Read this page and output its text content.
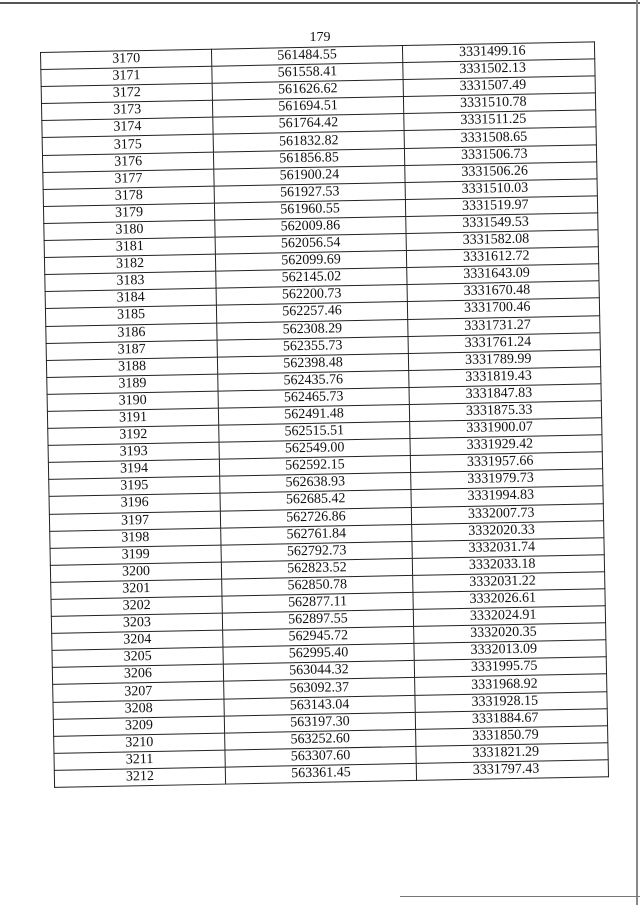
179
3170	561484.55	3331499.16
3171	561558.41	3331502.13
3172	561626.62	3331507.49
3173	561694.51	3331510.78
3174	561764.42	3331511.25
3175	561832.82	3331508.65
3176	561856.85	3331506.73
3177	561900.24	3331506.26
3178	561927.53	3331510.03
3179	561960.55	3331519.97
3180	562009.86	3331549.53
3181	562056.54	3331582.08
3182	562099.69	3331612.72
3183	562145.02	3331643.09
3184	562200.73	3331670.48
3185	562257.46	3331700.46
3186	562308.29	3331731.27
3187	562355.73	3331761.24
3188	562398.48	3331789.99
3189	562435.76	3331819.43
3190	562465.73	3331847.83
3191	562491.48	3331875.33
3192	562515.51	3331900.07
3193	562549.00	3331929.42
3194	562592.15	3331957.66
3195	562638.93	3331979.73
3196	562685.42	3331994.83
3197	562726.86	3332007.73
3198	562761.84	3332020.33
3199	562792.73	3332031.74
3200	562823.52	3332033.18
3201	562850.78	3332031.22
3202	562877.11	3332026.61
3203	562897.55	3332024.91
3204	562945.72	3332020.35
3205	562995.40	3332013.09
3206	563044.32	3331995.75
3207	563092.37	3331968.92
3208	563143.04	3331928.15
3209	563197.30	3331884.67
3210	563252.60	3331850.79
3211	563307.60	3331821.29
3212	563361.45	3331797.43
